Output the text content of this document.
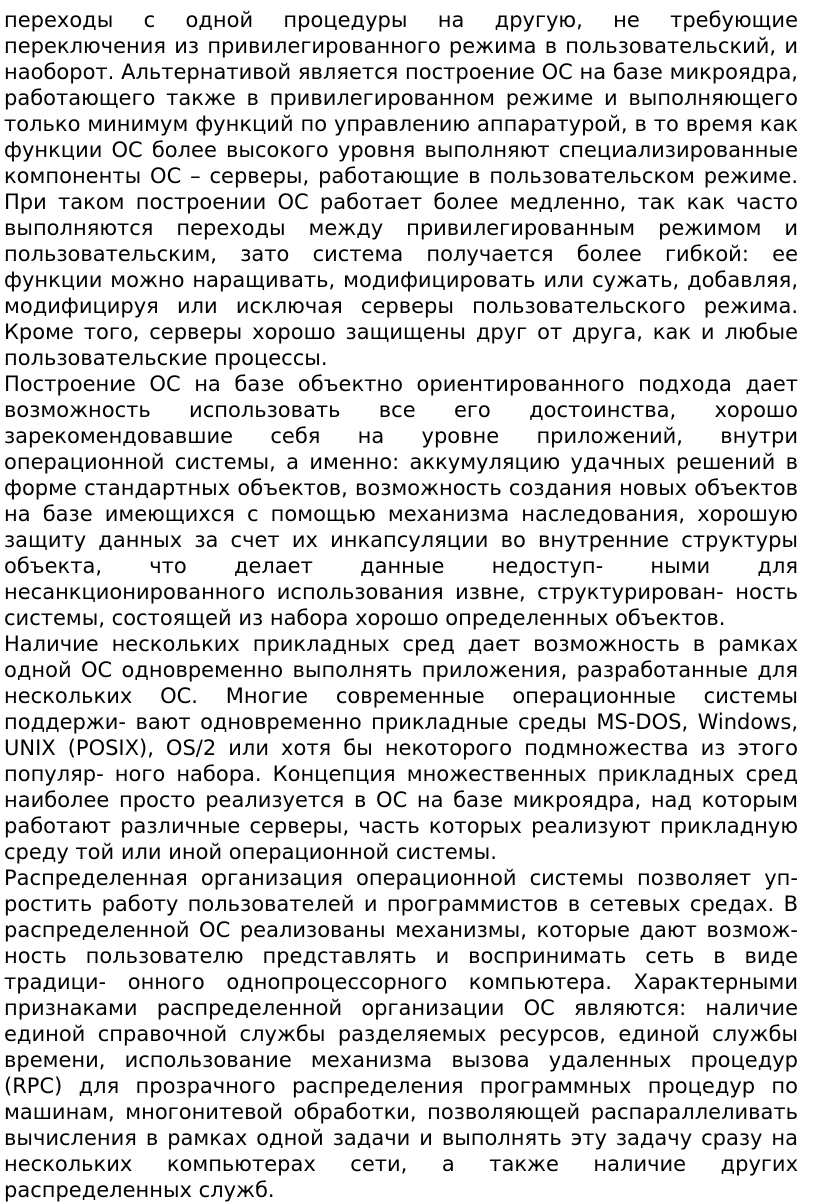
переходы с одной процедуры на другую, не требующие переключения из привилегированного режима в пользовательский, и наоборот. Альтернативой является построение ОС на базе микроядра, работающего также в привилегированном режиме и выполняющего только минимум функций по управлению аппаратурой, в то время как функции ОС более высокого уровня выполняют специализированные компоненты ОС – серверы, работающие в пользовательском режиме. При таком построении ОС работает более медленно, так как часто выполняются переходы между привилегированным режимом и пользовательским, зато система получается более гибкой: ее функции можно наращивать, модифицировать или сужать, добавляя, модифицируя или исключая серверы пользовательского режима. Кроме того, серверы хорошо защищены друг от друга, как и любые пользовательские процессы.

Построение ОС на базе объектно ориентированного подхода дает возможность использовать все его достоинства, хорошо зарекомендовавшие себя на уровне приложений, внутри операционной системы, а именно: аккумуляцию удачных решений в форме стандартных объектов, возможность создания новых объектов на базе имеющихся с помощью механизма наследования, хорошую защиту данных за счет их инкапсуляции во внутренние структуры объекта, что делает данные недоступ- ными для несанкционированного использования извне, структурирован- ность системы, состоящей из набора хорошо определенных объектов.

Наличие нескольких прикладных сред дает возможность в рамках одной ОС одновременно выполнять приложения, разработанные для нескольких ОС. Многие современные операционные системы поддержи- вают одновременно прикладные среды MS-DOS, Windows, UNIX (POSIX), OS/2 или хотя бы некоторого подмножества из этого популяр- ного набора. Концепция множественных прикладных сред наиболее просто реализуется в ОС на базе микроядра, над которым работают различные серверы, часть которых реализуют прикладную среду той или иной операционной системы.

Распределенная организация операционной системы позволяет уп- ростить работу пользователей и программистов в сетевых средах. В распределенной ОС реализованы механизмы, которые дают возмож- ность пользователю представлять и воспринимать сеть в виде традици- онного однопроцессорного компьютера. Характерными признаками распределенной организации ОС являются: наличие единой справочной службы разделяемых ресурсов, единой службы времени, использование механизма вызова удаленных процедур (RPC) для прозрачного распределения программных процедур по машинам, многонитевой обработки, позволяющей распараллеливать вычисления в рамках одной задачи и выполнять эту задачу сразу на нескольких компьютерах сети, а также наличие других распределенных служб.
